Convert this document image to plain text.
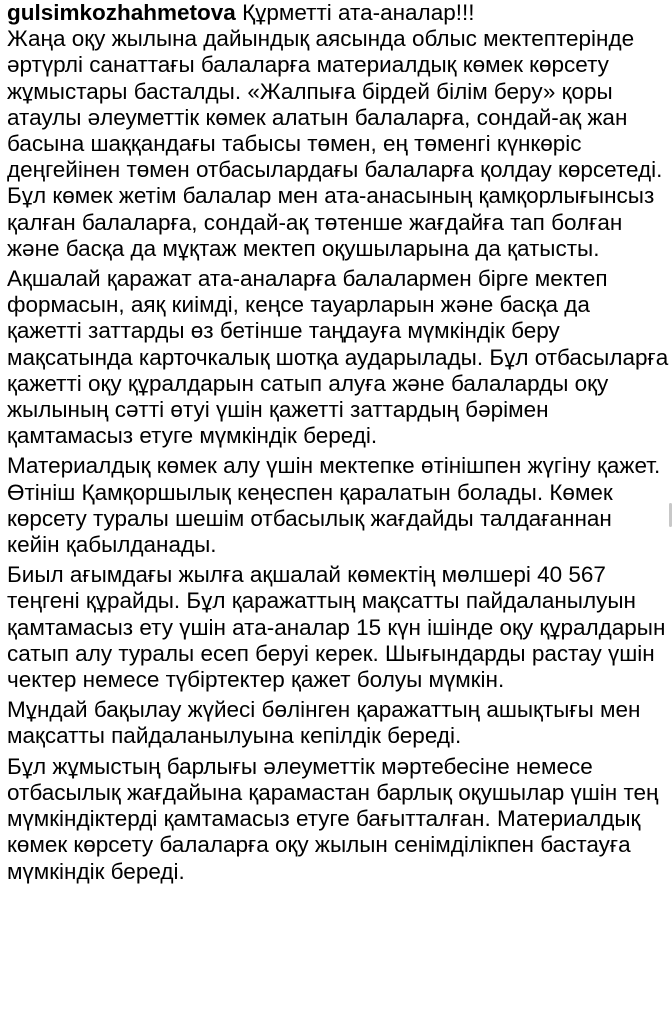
gulsimkozhahmetova Құрметті ата-аналар!!!
Жаңа оқу жылына дайындық аясында облыс мектептерінде әртүрлі санаттағы балаларға материалдық көмек көрсету жұмыстары басталды. «Жалпыға бірдей білім беру» қоры атаулы әлеуметтік көмек алатын балаларға, сондай-ақ жан басына шаққандағы табысы төмен, ең төменгі күнкөріс деңгейінен төмен отбасылардағы балаларға қолдау көрсетеді. Бұл көмек жетім балалар мен ата-анасының қамқорлығынсыз қалған балаларға, сондай-ақ төтенше жағдайға тап болған және басқа да мұқтаж мектеп оқушыларына да қатысты.

Ақшалай қаражат ата-аналарға балалармен бірге мектеп формасын, аяқ киімді, кеңсе тауарларын және басқа да қажетті заттарды өз бетінше таңдауға мүмкіндік беру мақсатында карточкалық шотқа аударылады. Бұл отбасыларға қажетті оқу құралдарын сатып алуға және балаларды оқу жылының сәтті өтуі үшін қажетті заттардың бәрімен қамтамасыз етуге мүмкіндік береді.

Материалдық көмек алу үшін мектепке өтінішпен жүгіну қажет. Өтініш Қамқоршылық кеңеспен қаралатын болады. Көмек көрсету туралы шешім отбасылық жағдайды талдағаннан кейін қабылданады.

Биыл ағымдағы жылға ақшалай көмектің мөлшері 40 567 теңгені құрайды. Бұл қаражаттың мақсатты пайдаланылуын қамтамасыз ету үшін ата-аналар 15 күн ішінде оқу құралдарын сатып алу туралы есеп беруі керек. Шығындарды растау үшін чектер немесе түбіртектер қажет болуы мүмкін.

Мұндай бақылау жүйесі бөлінген қаражаттың ашықтығы мен мақсатты пайдаланылуына кепілдік береді.

Бұл жұмыстың барлығы әлеуметтік мәртебесіне немесе отбасылық жағдайына қарамастан барлық оқушылар үшін тең мүмкіндіктерді қамтамасыз етуге бағытталған. Материалдық көмек көрсету балаларға оқу жылын сенімділікпен бастауға мүмкіндік береді.
